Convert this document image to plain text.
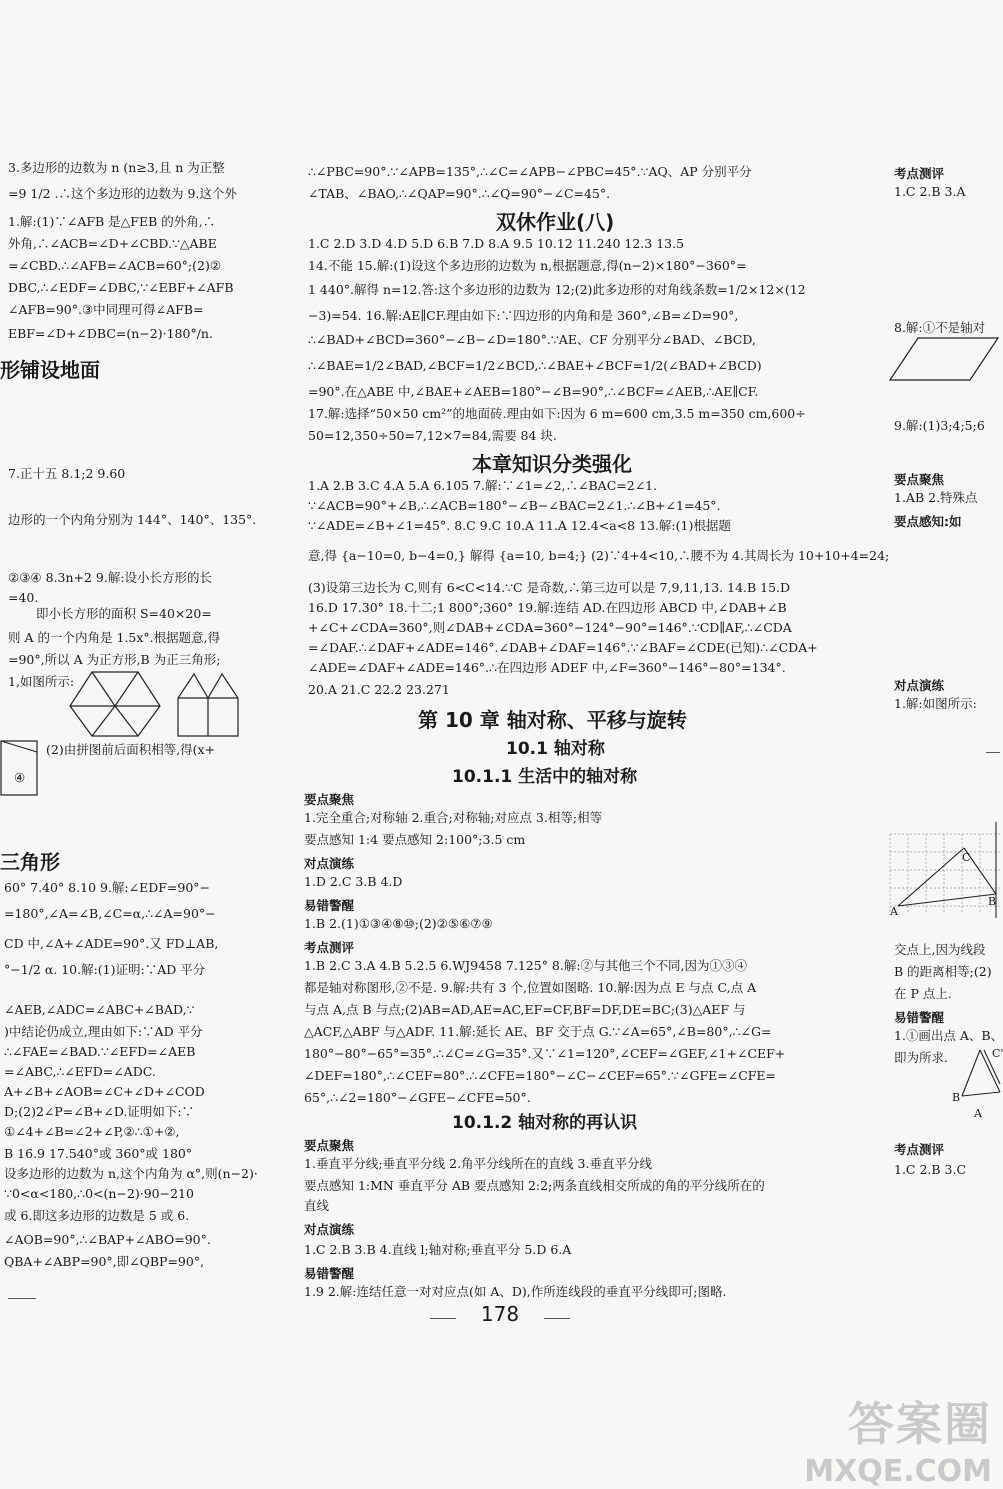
3.多边形的边数为 n (n≥3,且 n 为正整
=9 1/2 .∴这个多边形的边数为 9.这个外
1.解:(1)∵∠AFB 是△FEB 的外角,∴
外角,∴∠ACB=∠D+∠CBD.∵△ABE
=∠CBD.∴∠AFB=∠ACB=60°;(2)②
DBC,∴∠EDF=∠DBC,∵∠EBF+∠AFB
∠AFB=90°.③中同理可得∠AFB=
EBF=∠D+∠DBC=(n−2)·180°/n.
形铺设地面
7.正十五 8.1;2 9.60
边形的一个内角分别为 144°、140°、135°.
②③④ 8.3n+2 9.解:设小长方形的长
=40.
即小长方形的面积 S=40×20=
则 A 的一个内角是 1.5x°.根据题意,得
=90°,所以 A 为正方形,B 为正三角形;
1,如图所示:
④
(2)由拼图前后面积相等,得(x+
三角形
60° 7.40° 8.10 9.解:∠EDF=90°−
=180°,∠A=∠B,∠C=α,∴∠A=90°−
CD 中,∠A+∠ADE=90°.又 FD⊥AB,
°−1/2 α. 10.解:(1)证明:∵AD 平分
∠AEB,∠ADC=∠ABC+∠BAD,∵
)中结论仍成立,理由如下:∵AD 平分
∴∠FAE=∠BAD.∵∠EFD=∠AEB
=∠ABC,∴∠EFD=∠ADC.
A+∠B+∠AOB=∠C+∠D+∠COD
D;(2)2∠P=∠B+∠D.证明如下:∵
①∠4+∠B=∠2+∠P,②∴①+②,
B 16.9 17.540°或 360°或 180°
设多边形的边数为 n,这个内角为 α°,则(n−2)·
∵0<α<180,∴0<(n−2)·90−210
或 6.即这多边形的边数是 5 或 6.
∠AOB=90°,∴∠BAP+∠ABO=90°.
QBA+∠ABP=90°,即∠QBP=90°,
∴∠PBC=90°.∵∠APB=135°,∴∠C=∠APB−∠PBC=45°.∵AQ、AP 分别平分
∠TAB、∠BAO,∴∠QAP=90°.∴∠Q=90°−∠C=45°.
双休作业(八)
1.C 2.D 3.D 4.D 5.D 6.B 7.D 8.A 9.5 10.12 11.240 12.3 13.5
14.不能 15.解:(1)设这个多边形的边数为 n,根据题意,得(n−2)×180°−360°=
1 440°.解得 n=12.答:这个多边形的边数为 12;(2)此多边形的对角线条数=1/2×12×(12
−3)=54. 16.解:AE∥CF.理由如下:∵四边形的内角和是 360°,∠B=∠D=90°,
∴∠BAD+∠BCD=360°−∠B−∠D=180°.∵AE、CF 分别平分∠BAD、∠BCD,
∴∠BAE=1/2∠BAD,∠BCF=1/2∠BCD,∴∠BAE+∠BCF=1/2(∠BAD+∠BCD)
=90°.在△ABE 中,∠BAE+∠AEB=180°−∠B=90°,∴∠BCF=∠AEB,∴AE∥CF.
17.解:选择“50×50 cm²”的地面砖.理由如下:因为 6 m=600 cm,3.5 m=350 cm,600÷
50=12,350÷50=7,12×7=84,需要 84 块.
本章知识分类强化
1.A 2.B 3.C 4.A 5.A 6.105 7.解:∵∠1=∠2,∴∠BAC=2∠1.
∵∠ACB=90°+∠B,∴∠ACB=180°−∠B−∠BAC=2∠1.∴∠B+∠1=45°.
∵∠ADE=∠B+∠1=45°. 8.C 9.C 10.A 11.A 12.4<a<8 13.解:(1)根据题
意,得 {a−10=0, b−4=0,} 解得 {a=10, b=4;} (2)∵4+4<10,∴腰不为 4.其周长为 10+10+4=24;
(3)设第三边长为 C,则有 6<C<14.∵C 是奇数,∴第三边可以是 7,9,11,13. 14.B 15.D
16.D 17.30° 18.十二;1 800°;360° 19.解:连结 AD.在四边形 ABCD 中,∠DAB+∠B
+∠C+∠CDA=360°,则∠DAB+∠CDA=360°−124°−90°=146°.∵CD∥AF,∴∠CDA
=∠DAF.∴∠DAF+∠ADE=146°.∠DAB+∠DAF=146°.∵∠BAF=∠CDE(已知)∴∠CDA+
∠ADE=∠DAF+∠ADE=146°.∴在四边形 ADEF 中,∠F=360°−146°−80°=134°.
20.A 21.C 22.2 23.271
第 10 章 轴对称、平移与旋转
10.1 轴对称
10.1.1 生活中的轴对称
要点聚焦
1.完全重合;对称轴 2.重合;对称轴;对应点 3.相等;相等
要点感知 1:4 要点感知 2:100°;3.5 cm
对点演练
1.D 2.C 3.B 4.D
易错警醒
1.B 2.(1)①③④⑧⑩;(2)②⑤⑥⑦⑨
考点测评
1.B 2.C 3.A 4.B 5.2.5 6.WJ9458 7.125° 8.解:②与其他三个不同,因为①③④
都是轴对称图形,②不是. 9.解:共有 3 个,位置如图略. 10.解:因为点 E 与点 C,点 A
与点 A,点 B 与点;(2)AB=AD,AE=AC,EF=CF,BF=DF,DE=BC;(3)△AEF 与
△ACF,△ABF 与△ADF. 11.解:延长 AE、BF 交于点 G.∵∠A=65°,∠B=80°,∴∠G=
180°−80°−65°=35°.∴∠C=∠G=35°.又∵∠1=120°,∠CEF=∠GEF,∠1+∠CEF+
∠DEF=180°,∴∠CEF=80°.∴∠CFE=180°−∠C−∠CEF=65°.∵∠GFE=∠CFE=
65°,∴∠2=180°−∠GFE−∠CFE=50°.
10.1.2 轴对称的再认识
要点聚焦
1.垂直平分线;垂直平分线 2.角平分线所在的直线 3.垂直平分线
要点感知 1:MN 垂直平分 AB 要点感知 2:2;两条直线相交所成的角的平分线所在的
直线
对点演练
1.C 2.B 3.B 4.直线 l;轴对称;垂直平分 5.D 6.A
易错警醒
1.9 2.解:连结任意一对对应点(如 A、D),作所连线段的垂直平分线即可;图略.
178
考点测评
1.C 2.B 3.A
8.解:①不是轴对
9.解:(1)3;4;5;6
要点聚焦
1.AB 2.特殊点
要点感知:如
对点演练
1.解:如图所示:
C
A
B
交点上,因为线段
B 的距离相等;(2)
在 P 点上.
易错警醒
1.①画出点 A、B、
即为所求.	C'
B
A
考点测评
1.C 2.B 3.C
答案圈
MXQE.COM
